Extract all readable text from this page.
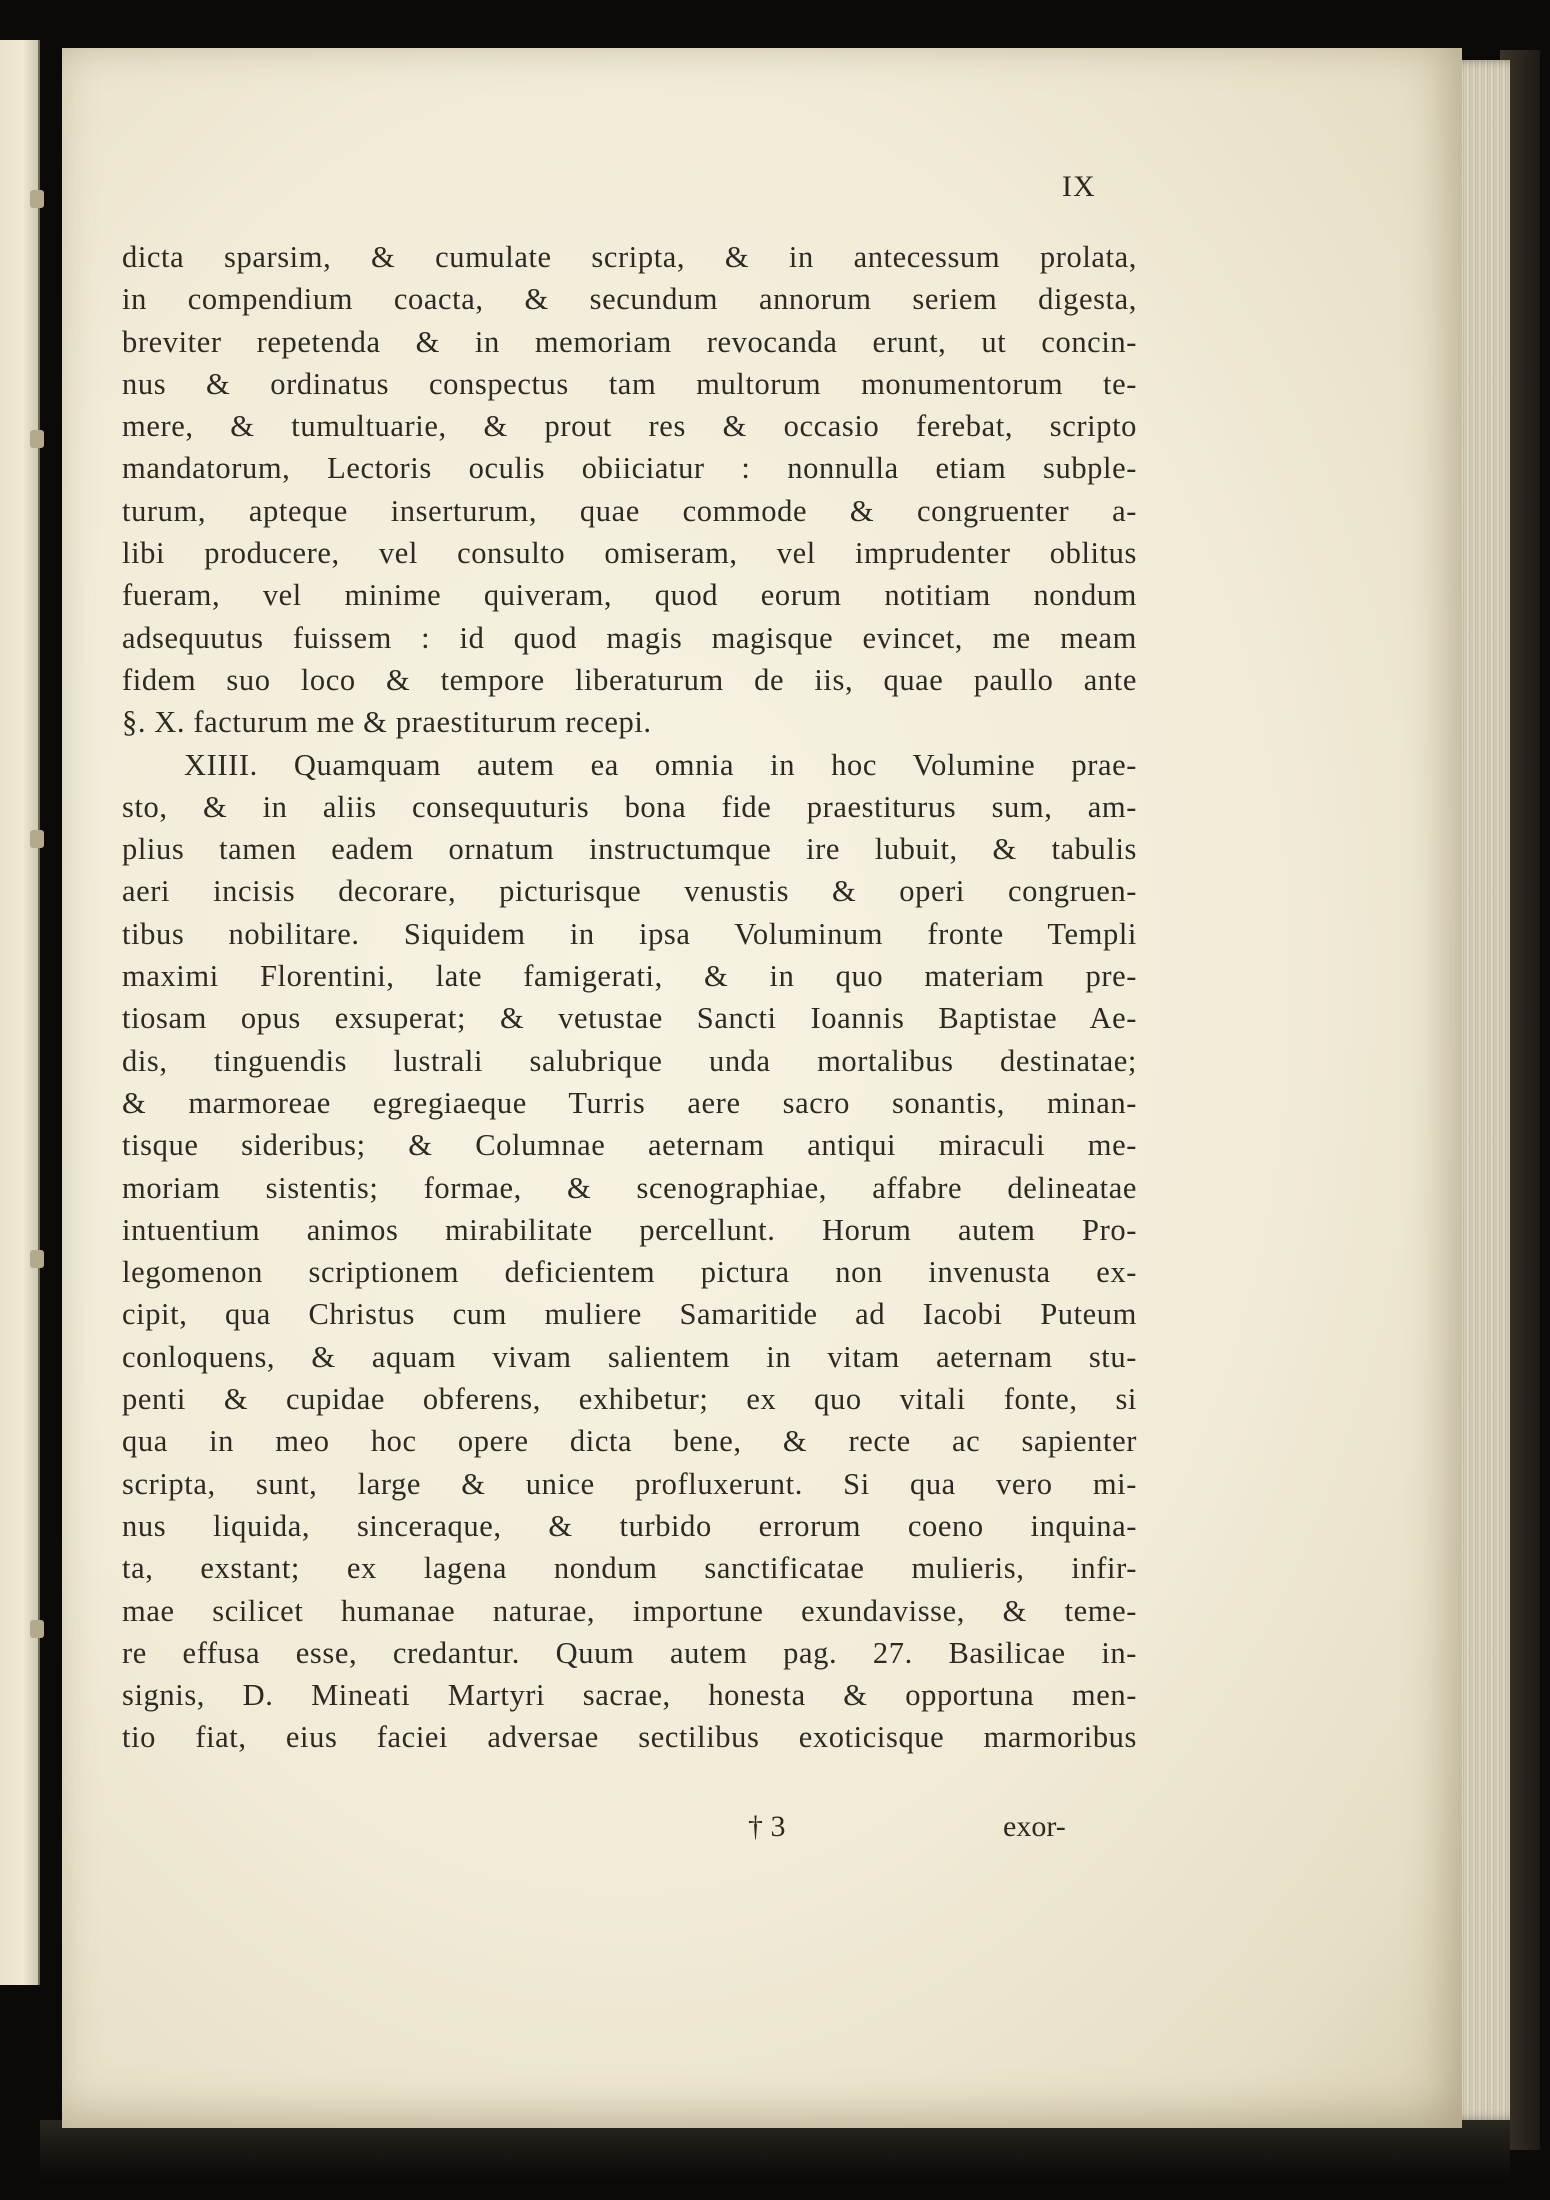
IX
dicta sparsim, & cumulate scripta, & in antecessum prolata,
in compendium coacta, & secundum annorum seriem digesta,
breviter repetenda & in memoriam revocanda erunt, ut concin-
nus & ordinatus conspectus tam multorum monumentorum te-
mere, & tumultuarie, & prout res & occasio ferebat, scripto
mandatorum, Lectoris oculis obiiciatur : nonnulla etiam subple-
turum, apteque inserturum, quae commode & congruenter a-
libi producere, vel consulto omiseram, vel imprudenter oblitus
fueram, vel minime quiveram, quod eorum notitiam nondum
adsequutus fuissem : id quod magis magisque evincet, me meam
fidem suo loco & tempore liberaturum de iis, quae paullo ante
§. X. facturum me & praestiturum recepi.
XIIII. Quamquam autem ea omnia in hoc Volumine prae-
sto, & in aliis consequuturis bona fide praestiturus sum, am-
plius tamen eadem ornatum instructumque ire lubuit, & tabulis
aeri incisis decorare, picturisque venustis & operi congruen-
tibus nobilitare. Siquidem in ipsa Voluminum fronte Templi
maximi Florentini, late famigerati, & in quo materiam pre-
tiosam opus exsuperat; & vetustae Sancti Ioannis Baptistae Ae-
dis, tinguendis lustrali salubrique unda mortalibus destinatae;
& marmoreae egregiaeque Turris aere sacro sonantis, minan-
tisque sideribus; & Columnae aeternam antiqui miraculi me-
moriam sistentis; formae, & scenographiae, affabre delineatae
intuentium animos mirabilitate percellunt. Horum autem Pro-
legomenon scriptionem deficientem pictura non invenusta ex-
cipit, qua Christus cum muliere Samaritide ad Iacobi Puteum
conloquens, & aquam vivam salientem in vitam aeternam stu-
penti & cupidae obferens, exhibetur; ex quo vitali fonte, si
qua in meo hoc opere dicta bene, & recte ac sapienter
scripta, sunt, large & unice profluxerunt. Si qua vero mi-
nus liquida, sinceraque, & turbido errorum coeno inquina-
ta, exstant; ex lagena nondum sanctificatae mulieris, infir-
mae scilicet humanae naturae, importune exundavisse, & teme-
re effusa esse, credantur. Quum autem pag. 27. Basilicae in-
signis, D. Mineati Martyri sacrae, honesta & opportuna men-
tio fiat, eius faciei adversae sectilibus exoticisque marmoribus
† 3	exor-
